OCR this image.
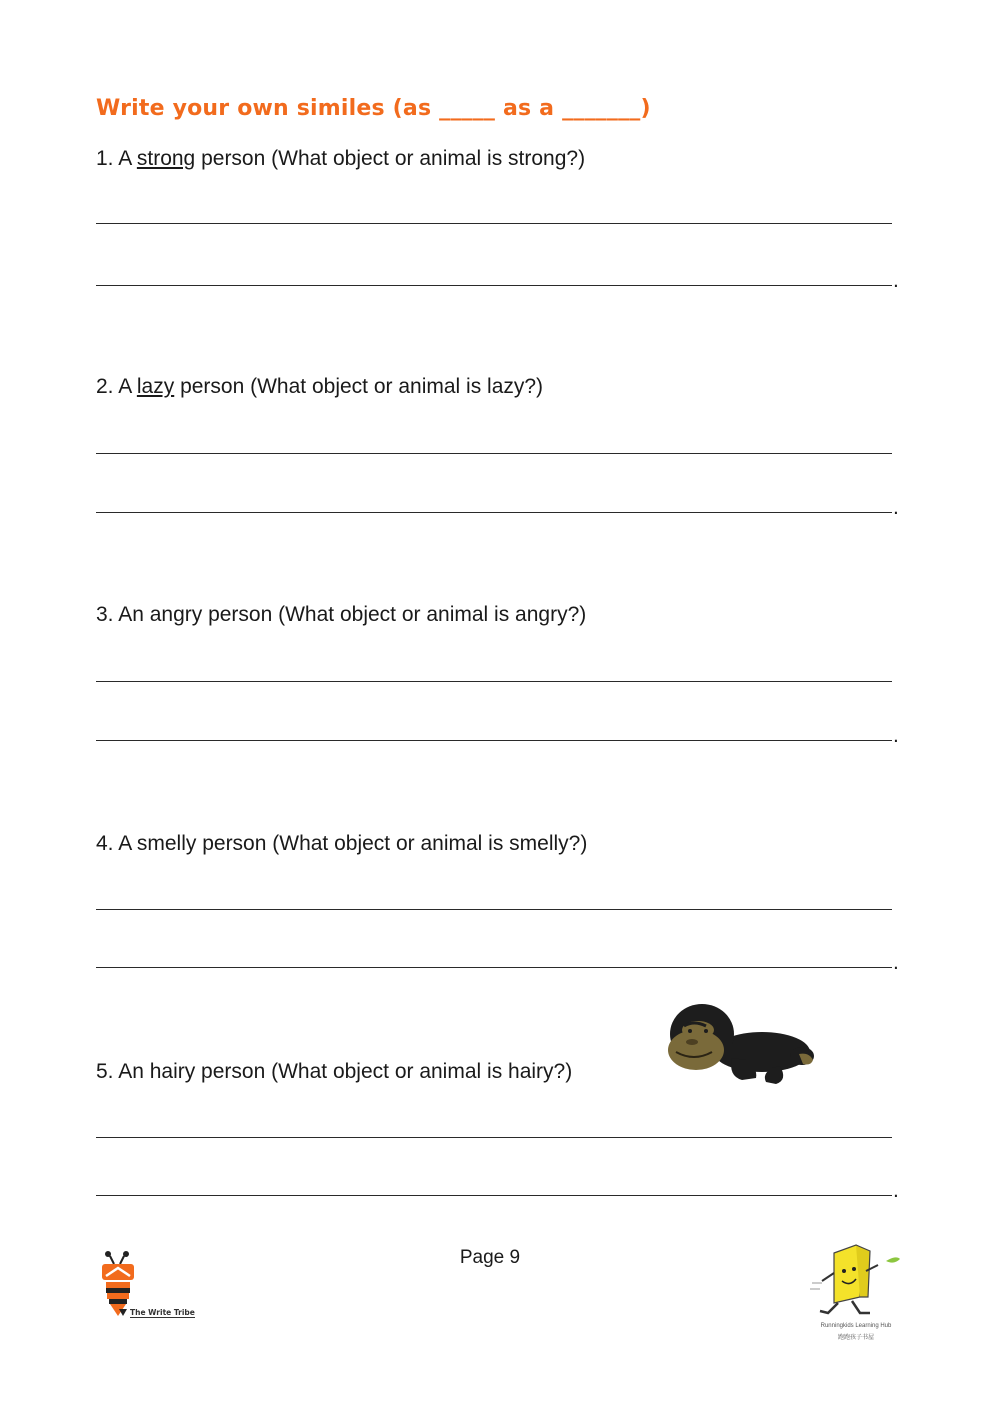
Write your own similes (as _____ as a _______)
1. A strong person (What object or animal is strong?)
.
2. A lazy person (What object or animal is lazy?)
.
3. An angry person (What object or animal is angry?)
.
4. A smelly person (What object or animal is smelly?)
.
5. An hairy person (What object or animal is hairy?)
.
Page 9
The Write Tribe
Runningkids Learning Hub
跑跑孩子书屋
